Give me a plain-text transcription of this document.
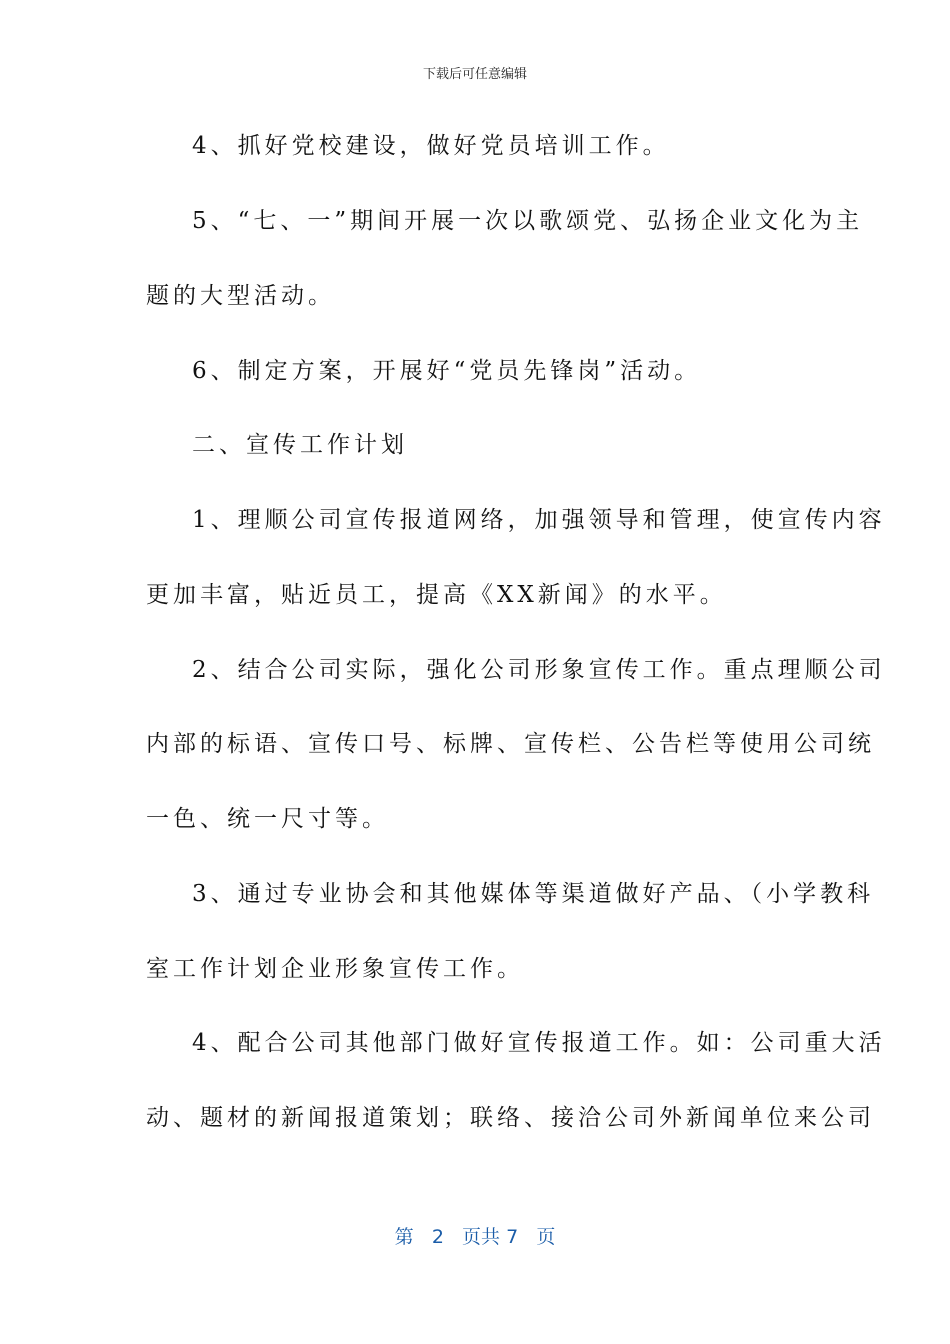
下载后可任意编辑
4、抓好党校建设，做好党员培训工作。
5、“七、一”期间开展一次以歌颂党、弘扬企业文化为主
题的大型活动。
6、制定方案，开展好“党员先锋岗”活动。
二、宣传工作计划
1、理顺公司宣传报道网络，加强领导和管理，使宣传内容
更加丰富，贴近员工，提高《XX新闻》的水平。
2、结合公司实际，强化公司形象宣传工作。重点理顺公司
内部的标语、宣传口号、标牌、宣传栏、公告栏等使用公司统
一色、统一尺寸等。
3、通过专业协会和其他媒体等渠道做好产品、（小学教科
室工作计划企业形象宣传工作。
4、配合公司其他部门做好宣传报道工作。如：公司重大活
动、题材的新闻报道策划；联络、接洽公司外新闻单位来公司
第 2 页共 7 页
